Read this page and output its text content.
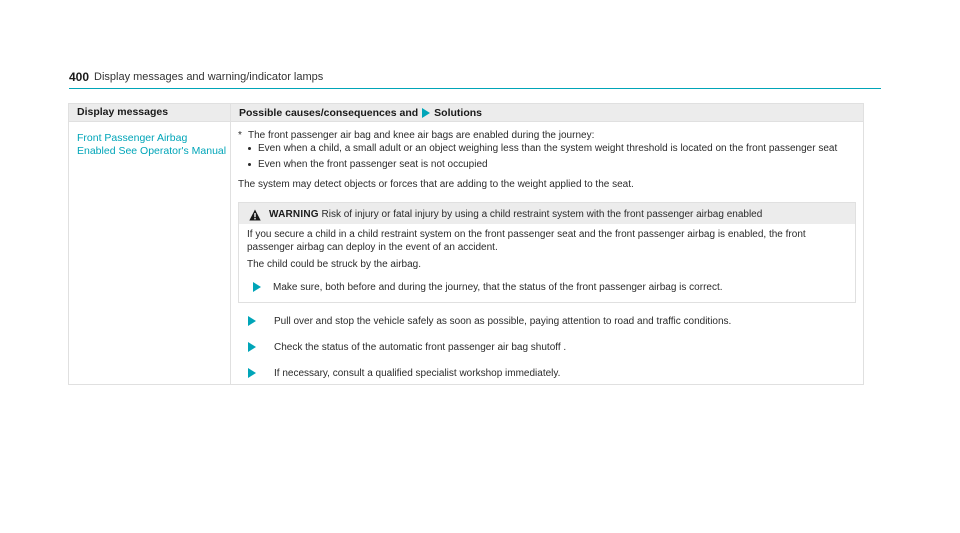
400 Display messages and warning/indicator lamps
Display messages	Possible causes/consequences and Solutions
Front Passenger Airbag Enabled See Operator's Manual
* The front passenger air bag and knee air bags are enabled during the journey:
Even when a child, a small adult or an object weighing less than the system weight threshold is located on the front passenger seat
Even when the front passenger seat is not occupied
The system may detect objects or forces that are adding to the weight applied to the seat.
WARNING Risk of injury or fatal injury by using a child restraint system with the front passenger airbag enabled
If you secure a child in a child restraint system on the front passenger seat and the front passenger airbag is enabled, the front passenger airbag can deploy in the event of an accident.
The child could be struck by the airbag.
Make sure, both before and during the journey, that the status of the front passenger airbag is correct.
Pull over and stop the vehicle safely as soon as possible, paying attention to road and traffic conditions.
Check the status of the automatic front passenger air bag shutoff .
If necessary, consult a qualified specialist workshop immediately.
